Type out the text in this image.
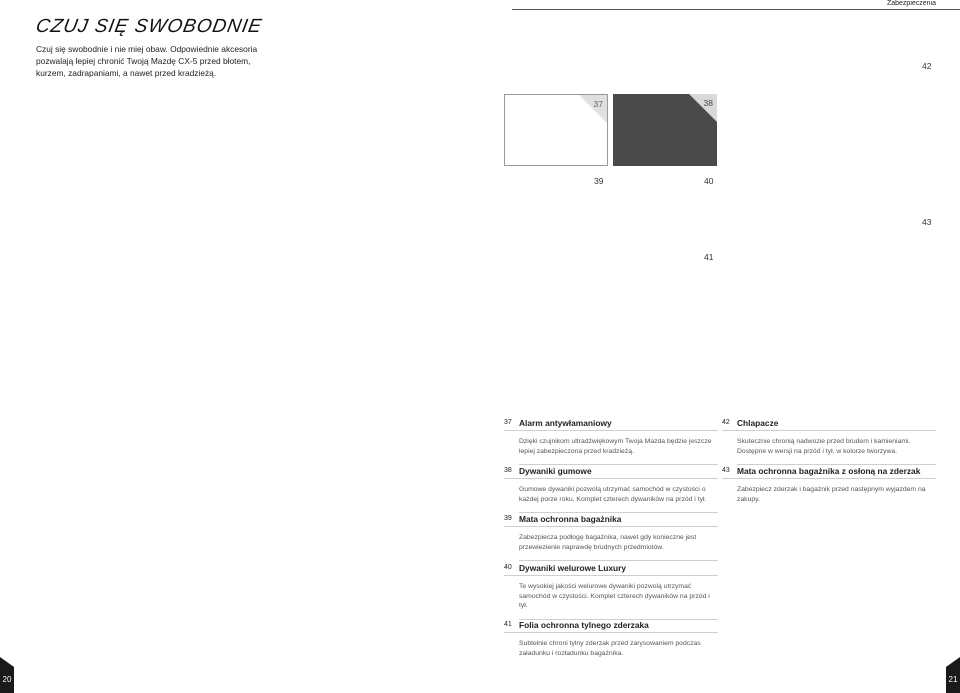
Zabezpieczenia
CZUJ SIĘ SWOBODNIE

Czuj się swobodnie i nie miej obaw. Odpowiednie akcesoria pozwalają lepiej chronić Twoją Mazdę CX-5 przed błotem, kurzem, zadrapaniami, a nawet przed kradzieżą.

42
37	38
39	40
43
41
37 Alarm antywłamaniowy

Dzięki czujnikom ultradźwiękowym Twoja Mazda będzie jeszcze lepiej zabezpieczona przed kradzieżą.

38 Dywaniki gumowe

Gumowe dywaniki pozwolą utrzymać samochód w czystości o każdej porze roku. Komplet czterech dywaników na przód i tył.

39 Mata ochronna bagażnika

Zabezpiecza podłogę bagażnika, nawet gdy konieczne jest przewiezienie naprawdę brudnych przedmiotów.

40 Dywaniki welurowe Luxury

Te wysokiej jakości welurowe dywaniki pozwolą utrzymać samochód w czystości. Komplet czterech dywaników na przód i tył.

41 Folia ochronna tylnego zderzaka

Subtelnie chroni tylny zderzak przed zarysowaniem podczas załadunku i rozładunku bagażnika.

42 Chlapacze

Skutecznie chronią nadwozie przed brudem i kamieniami. Dostępne w wersji na przód i tył, w kolorze tworzywa.

43 Mata ochronna bagażnika z osłoną na zderzak

Zabezpiecz zderzak i bagażnik przed następnym wyjazdem na zakupy.

20	21
